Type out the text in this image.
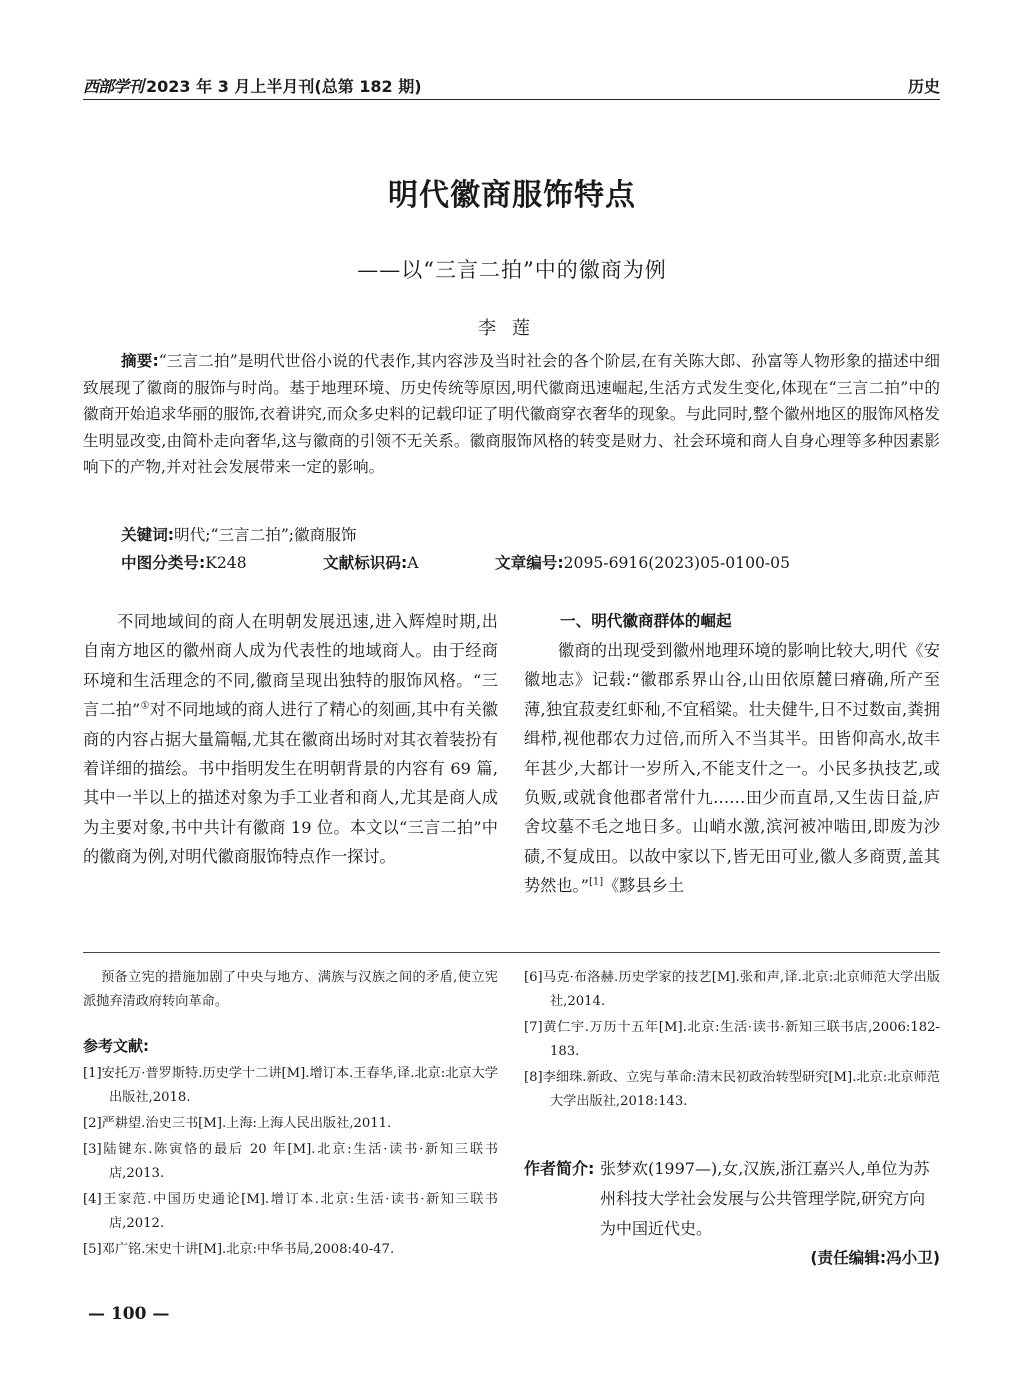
西部学刊 2023 年 3 月上半月刊(总第 182 期)	历史
明代徽商服饰特点
——以“三言二拍”中的徽商为例
李莲
摘要:“三言二拍”是明代世俗小说的代表作,其内容涉及当时社会的各个阶层,在有关陈大郎、孙富等人物形象的描述中细致展现了徽商的服饰与时尚。基于地理环境、历史传统等原因,明代徽商迅速崛起,生活方式发生变化,体现在“三言二拍”中的徽商开始追求华丽的服饰,衣着讲究,而众多史料的记载印证了明代徽商穿衣奢华的现象。与此同时,整个徽州地区的服饰风格发生明显改变,由简朴走向奢华,这与徽商的引领不无关系。徽商服饰风格的转变是财力、社会环境和商人自身心理等多种因素影响下的产物,并对社会发展带来一定的影响。
关键词:明代;“三言二拍”;徽商服饰
中图分类号:K248	文献标识码:A	文章编号:2095-6916(2023)05-0100-05
不同地域间的商人在明朝发展迅速,进入辉煌时期,出自南方地区的徽州商人成为代表性的地域商人。由于经商环境和生活理念的不同,徽商呈现出独特的服饰风格。“三言二拍”①对不同地域的商人进行了精心的刻画,其中有关徽商的内容占据大量篇幅,尤其在徽商出场时对其衣着装扮有着详细的描绘。书中指明发生在明朝背景的内容有 69 篇,其中一半以上的描述对象为手工业者和商人,尤其是商人成为主要对象,书中共计有徽商 19 位。本文以“三言二拍”中的徽商为例,对明代徽商服饰特点作一探讨。
一、明代徽商群体的崛起
徽商的出现受到徽州地理环境的影响比较大,明代《安徽地志》记载:“徽郡系界山谷,山田依原麓曰瘠确,所产至薄,独宜菽麦红虾秈,不宜稻粱。壮夫健牛,日不过数亩,粪拥缉栉,视他郡农力过倍,而所入不当其半。田皆仰高水,故丰年甚少,大都计一岁所入,不能支什之一。小民多执技艺,或负贩,或就食他郡者常什九……田少而直昂,又生齿日益,庐舍坟墓不毛之地日多。山峭水激,滨河被冲啮田,即废为沙碛,不复成田。以故中家以下,皆无田可业,徽人多商贾,盖其势然也。”[1]《黟县乡土
预备立宪的措施加剧了中央与地方、满族与汉族之间的矛盾,使立宪派抛弃清政府转向革命。
参考文献:
[1]安托万·普罗斯特.历史学十二讲[M].增订本.王春华,译.北京:北京大学出版社,2018.
[2]严耕望.治史三书[M].上海:上海人民出版社,2011.
[3]陆键东.陈寅恪的最后 20 年[M].北京:生活·读书·新知三联书店,2013.
[4]王家范.中国历史通论[M].增订本.北京:生活·读书·新知三联书店,2012.
[5]邓广铭.宋史十讲[M].北京:中华书局,2008:40-47.
[6]马克·布洛赫.历史学家的技艺[M].张和声,译.北京:北京师范大学出版社,2014.
[7]黄仁宇.万历十五年[M].北京:生活·读书·新知三联书店,2006:182-183.
[8]李细珠.新政、立宪与革命:清末民初政治转型研究[M].北京:北京师范大学出版社,2018:143.
作者简介: 张梦欢(1997—),女,汉族,浙江嘉兴人,单位为苏州科技大学社会发展与公共管理学院,研究方向为中国近代史。
(责任编辑:冯小卫)
— 100 —
